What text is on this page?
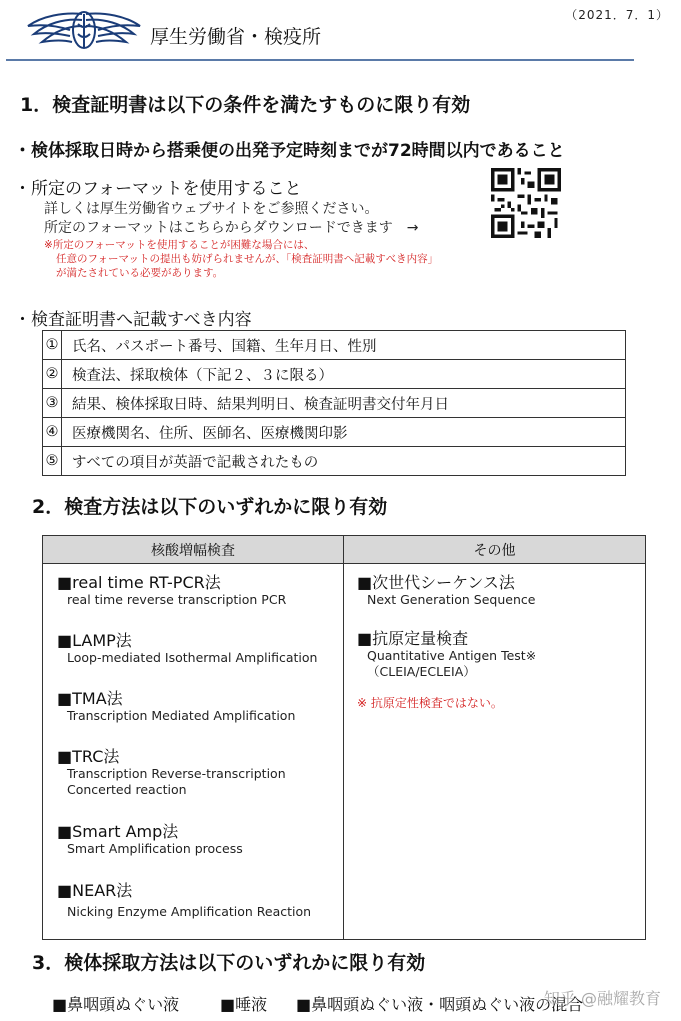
（2021．7．1）
厚生労働省・検疫所
1．検査証明書は以下の条件を満たすものに限り有効
・検体採取日時から搭乗便の出発予定時刻までが72時間以内であること
・所定のフォーマットを使用すること
詳しくは厚生労働省ウェブサイトをご参照ください。
所定のフォーマットはこちらからダウンロードできます　→
※所定のフォーマットを使用することが困難な場合には、
任意のフォーマットの提出も妨げられませんが、「検査証明書へ記載すべき内容」
が満たされている必要があります。
・検査証明書へ記載すべき内容
①	氏名、パスポート番号、国籍、生年月日、性別
②	検査法、採取検体（下記２、３に限る）
③	結果、検体採取日時、結果判明日、検査証明書交付年月日
④	医療機関名、住所、医師名、医療機関印影
⑤	すべての項目が英語で記載されたもの
2．検査方法は以下のいずれかに限り有効
核酸増幅検査	その他
■real time RT-PCR法
real time reverse transcription PCR
■LAMP法
Loop-mediated Isothermal Amplification
■TMA法
Transcription Mediated Amplification
■TRC法
Transcription Reverse-transcription
Concerted reaction
■Smart Amp法
Smart Amplification process
■NEAR法
Nicking Enzyme Amplification Reaction
■次世代シーケンス法
Next Generation Sequence
■抗原定量検査
Quantitative Antigen Test※
（CLEIA/ECLEIA）
※ 抗原定性検査ではない。
3．検体採取方法は以下のいずれかに限り有効
■鼻咽頭ぬぐい液	■唾液 ■鼻咽頭ぬぐい液・咽頭ぬぐい液の混合
知乎 @融耀教育
